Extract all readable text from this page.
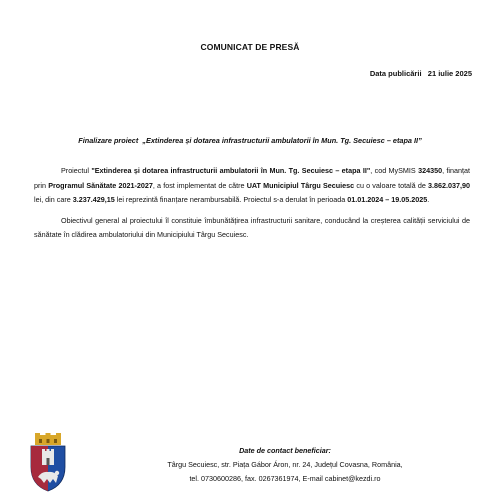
COMUNICAT DE PRESĂ
Data publicării 21 iulie 2025
Finalizare proiect „Extinderea și dotarea infrastructurii ambulatorii în Mun. Tg. Secuiesc – etapa II”

Proiectul "Extinderea și dotarea infrastructurii ambulatorii în Mun. Tg. Secuiesc – etapa II", cod MySMIS 324350, finanțat prin Programul Sănătate 2021-2027, a fost implementat de către UAT Municipiul Târgu Secuiesc cu o valoare totală de 3.862.037,90 lei, din care 3.237.429,15 lei reprezintă finanțare nerambursabilă. Proiectul s-a derulat în perioada 01.01.2024 – 19.05.2025.

Obiectivul general al proiectului îl constituie îmbunătățirea infrastructurii sanitare, conducând la creșterea calității serviciului de sănătate în clădirea ambulatoriului din Municipiului Târgu Secuiesc.

Date de contact beneficiar:
Târgu Secuiesc, str. Piața Gábor Áron, nr. 24, Județul Covasna, România,
tel. 0730600286, fax. 0267361974, E-mail cabinet@kezdi.ro
